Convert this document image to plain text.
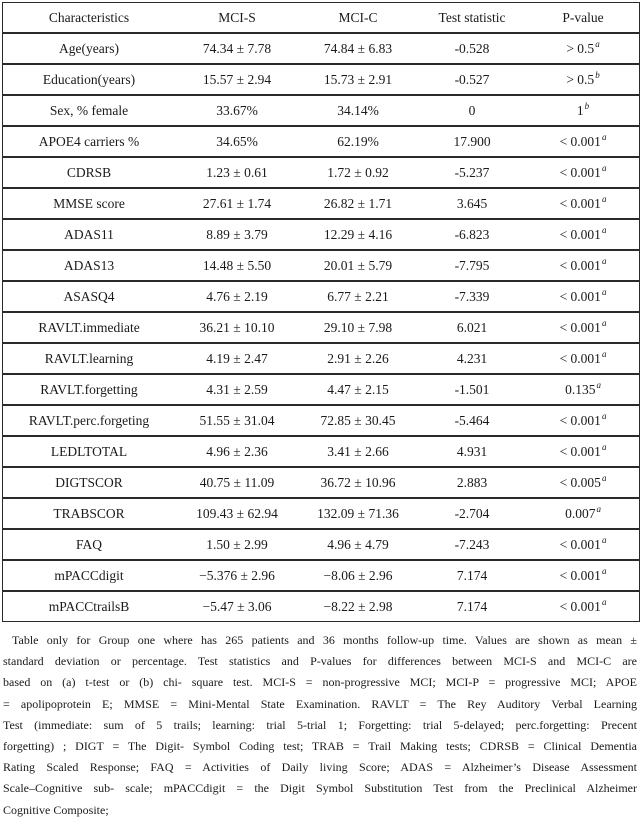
Characteristics	MCI-S	MCI-C	Test statistic	P-value
Age(years)	74.34 ± 7.78	74.84 ± 6.83	-0.528	> 0.5$^a$
Education(years)	15.57 ± 2.94	15.73 ± 2.91	-0.527	> 0.5$^b$
Sex, % female	33.67%	34.14%	0	1$^b$
APOE4 carriers %	34.65%	62.19%	17.900	< 0.001$^a$
CDRSB	1.23 ± 0.61	1.72 ± 0.92	-5.237	< 0.001$^a$
MMSE score	27.61 ± 1.74	26.82 ± 1.71	3.645	< 0.001$^a$
ADAS11	8.89 ± 3.79	12.29 ± 4.16	-6.823	< 0.001$^a$
ADAS13	14.48 ± 5.50	20.01 ± 5.79	-7.795	< 0.001$^a$
ASASQ4	4.76 ± 2.19	6.77 ± 2.21	-7.339	< 0.001$^a$
RAVLT.immediate	36.21 ± 10.10	29.10 ± 7.98	6.021	< 0.001$^a$
RAVLT.learning	4.19 ± 2.47	2.91 ± 2.26	4.231	< 0.001$^a$
RAVLT.forgetting	4.31 ± 2.59	4.47 ± 2.15	-1.501	0.135$^a$
RAVLT.perc.forgeting	51.55 ± 31.04	72.85 ± 30.45	-5.464	< 0.001$^a$
LEDLTOTAL	4.96 ± 2.36	3.41 ± 2.66	4.931	< 0.001$^a$
DIGTSCOR	40.75 ± 11.09	36.72 ± 10.96	2.883	< 0.005$^a$
TRABSCOR	109.43 ± 62.94	132.09 ± 71.36	-2.704	0.007$^a$
FAQ	1.50 ± 2.99	4.96 ± 4.79	-7.243	< 0.001$^a$
mPACCdigit	−5.376 ± 2.96	−8.06 ± 2.96	7.174	< 0.001$^a$
mPACCtrailsB	−5.47 ± 3.06	−8.22 ± 2.98	7.174	< 0.001$^a$
Table only for Group one where has 265 patients and 36 months follow-up time. Values are shown as mean ±
standard deviation or percentage. Test statistics and P-values for differences between MCI-S and MCI-C are
based on (a) t-test or (b) chi- square test. MCI-S = non-progressive MCI; MCI-P = progressive MCI; APOE
= apolipoprotein E; MMSE = Mini-Mental State Examination. RAVLT = The Rey Auditory Verbal Learning
Test (immediate: sum of 5 trails; learning: trial 5-trial 1; Forgetting: trial 5-delayed; perc.forgetting: Precent
forgetting) ; DIGT = The Digit- Symbol Coding test; TRAB = Trail Making tests; CDRSB = Clinical Dementia
Rating Scaled Response; FAQ = Activities of Daily living Score; ADAS = Alzheimer’s Disease Assessment
Scale–Cognitive sub- scale; mPACCdigit = the Digit Symbol Substitution Test from the Preclinical Alzheimer
Cognitive Composite;
